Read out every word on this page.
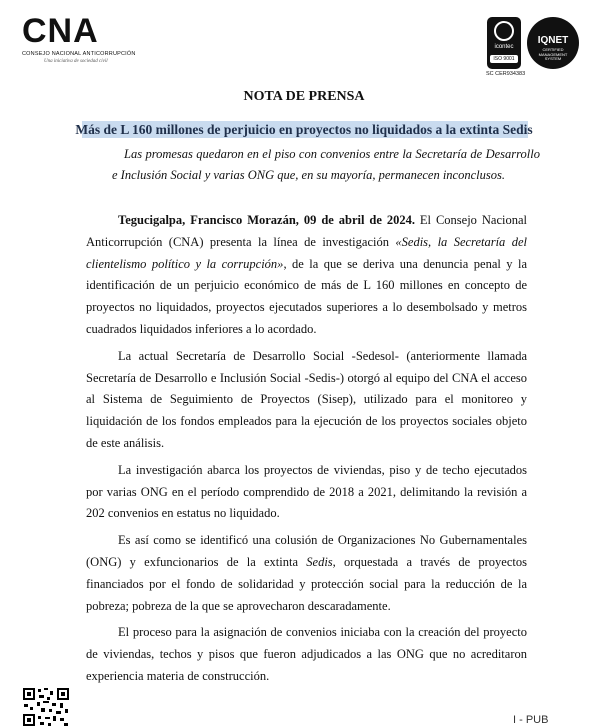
CNA
CONSEJO NACIONAL ANTICORRUPCIÓN
Una iniciativa de sociedad civil
icontec
ISO 9001
IQNET
CERTIFIED MANAGEMENT SYSTEM
SC CER934383
NOTA DE PRENSA
Más de L 160 millones de perjuicio en proyectos no liquidados a la extinta Sedis
Las promesas quedaron en el piso con convenios entre la Secretaría de Desarrollo e Inclusión Social y varias ONG que, en su mayoría, permanecen inconclusos.

Tegucigalpa, Francisco Morazán, 09 de abril de 2024. El Consejo Nacional Anticorrupción (CNA) presenta la línea de investigación «Sedis, la Secretaría del clientelismo político y la corrupción», de la que se deriva una denuncia penal y la identificación de un perjuicio económico de más de L 160 millones en concepto de proyectos no liquidados, proyectos ejecutados superiores a lo desembolsado y metros cuadrados liquidados inferiores a lo acordado.

La actual Secretaría de Desarrollo Social -Sedesol- (anteriormente llamada Secretaría de Desarrollo e Inclusión Social -Sedis-) otorgó al equipo del CNA el acceso al Sistema de Seguimiento de Proyectos (Sisep), utilizado para el monitoreo y liquidación de los fondos empleados para la ejecución de los proyectos sociales objeto de este análisis.

La investigación abarca los proyectos de viviendas, piso y de techo ejecutados por varias ONG en el período comprendido de 2018 a 2021, delimitando la revisión a 202 convenios en estatus no liquidado.

Es así como se identificó una colusión de Organizaciones No Gubernamentales (ONG) y exfuncionarios de la extinta Sedis, orquestada a través de proyectos financiados por el fondo de solidaridad y protección social para la reducción de la pobreza; pobreza de la que se aprovecharon descaradamente.

El proceso para la asignación de convenios iniciaba con la creación del proyecto de viviendas, techos y pisos que fueron adjudicados a las ONG que no acreditaron experiencia materia de construcción.

I - PUB
